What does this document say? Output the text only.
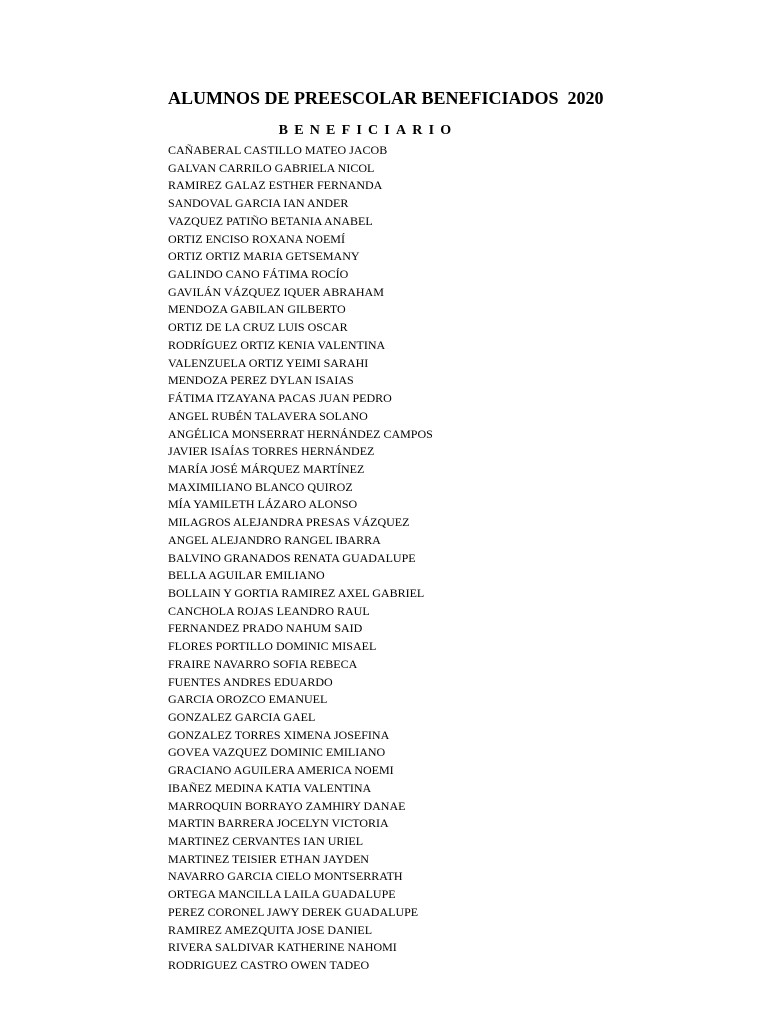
ALUMNOS DE PREESCOLAR BENEFICIADOS  2020
BENEFICIARIO
CAÑABERAL CASTILLO MATEO JACOB
GALVAN CARRILO GABRIELA NICOL
RAMIREZ GALAZ ESTHER FERNANDA
SANDOVAL GARCIA IAN ANDER
VAZQUEZ PATIÑO BETANIA ANABEL
ORTIZ ENCISO ROXANA NOEMÍ
ORTIZ ORTIZ MARIA GETSEMANY
GALINDO CANO FÁTIMA ROCÍO
GAVILÁN VÁZQUEZ IQUER ABRAHAM
MENDOZA GABILAN GILBERTO
ORTIZ DE LA CRUZ LUIS OSCAR
RODRÍGUEZ ORTIZ KENIA VALENTINA
VALENZUELA ORTIZ YEIMI SARAHI
MENDOZA PEREZ DYLAN ISAIAS
FÁTIMA ITZAYANA PACAS JUAN PEDRO
ANGEL RUBÉN TALAVERA SOLANO
ANGÉLICA MONSERRAT HERNÁNDEZ CAMPOS
JAVIER ISAÍAS TORRES HERNÁNDEZ
MARÍA JOSÉ MÁRQUEZ MARTÍNEZ
MAXIMILIANO BLANCO QUIROZ
MÍA YAMILETH LÁZARO ALONSO
MILAGROS ALEJANDRA PRESAS VÁZQUEZ
ANGEL ALEJANDRO RANGEL IBARRA
BALVINO GRANADOS RENATA GUADALUPE
BELLA AGUILAR EMILIANO
BOLLAIN Y GORTIA RAMIREZ AXEL GABRIEL
CANCHOLA ROJAS LEANDRO RAUL
FERNANDEZ PRADO NAHUM SAID
FLORES PORTILLO DOMINIC MISAEL
FRAIRE NAVARRO SOFIA REBECA
FUENTES ANDRES EDUARDO
GARCIA OROZCO EMANUEL
GONZALEZ GARCIA GAEL
GONZALEZ TORRES XIMENA JOSEFINA
GOVEA VAZQUEZ DOMINIC EMILIANO
GRACIANO AGUILERA AMERICA NOEMI
IBAÑEZ MEDINA KATIA VALENTINA
MARROQUIN BORRAYO ZAMHIRY DANAE
MARTIN BARRERA JOCELYN VICTORIA
MARTINEZ CERVANTES IAN URIEL
MARTINEZ TEISIER ETHAN JAYDEN
NAVARRO GARCIA CIELO MONTSERRATH
ORTEGA MANCILLA LAILA GUADALUPE
PEREZ CORONEL JAWY DEREK GUADALUPE
RAMIREZ AMEZQUITA JOSE DANIEL
RIVERA SALDIVAR KATHERINE NAHOMI
RODRIGUEZ CASTRO OWEN TADEO
